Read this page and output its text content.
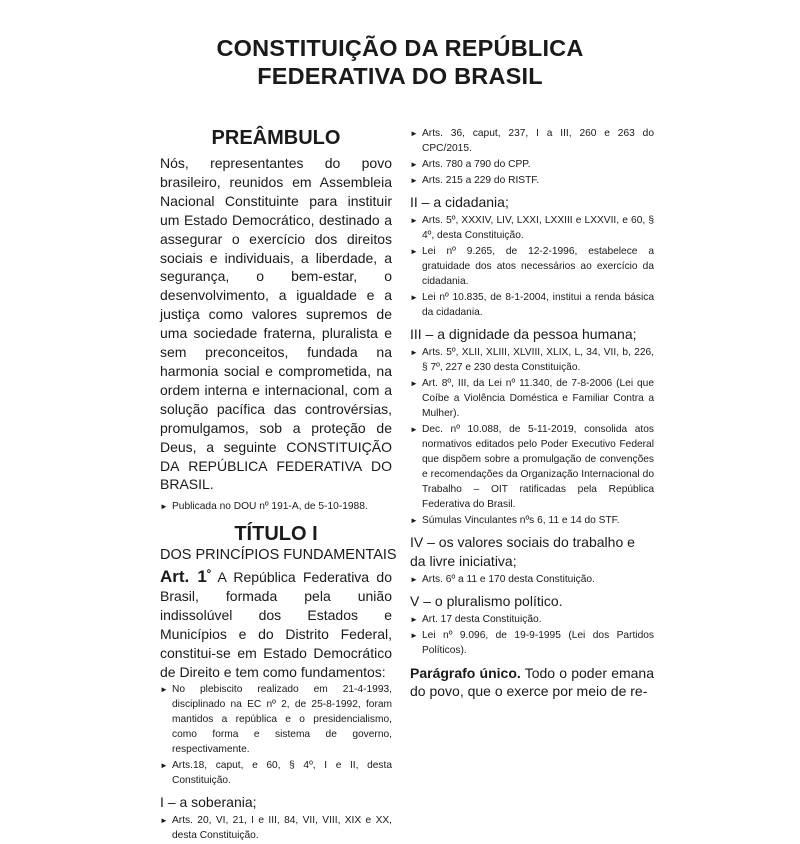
CONSTITUIÇÃO DA REPÚBLICA
FEDERATIVA DO BRASIL
PREÂMBULO

Nós, representantes do povo brasileiro, reunidos em Assembleia Nacional Constituinte para instituir um Estado Democrático, destinado a assegurar o exercício dos direitos sociais e individuais, a liberdade, a segurança, o bem-estar, o desenvolvimento, a igualdade e a justiça como valores supremos de uma sociedade fraterna, pluralista e sem preconceitos, fundada na harmonia social e comprometida, na ordem interna e internacional, com a solução pacífica das controvérsias, promulgamos, sob a proteção de Deus, a seguinte CONSTITUIÇÃO DA REPÚBLICA FEDERATIVA DO BRASIL.

► Publicada no DOU nº 191-A, de 5-10-1988.
TÍTULO I
DOS PRINCÍPIOS FUNDAMENTAIS

Art. $1^º$ A República Federativa do Brasil, formada pela união indissolúvel dos Estados e Municípios e do Distrito Federal, constitui-se em Estado Democrático de Direito e tem como fundamentos:

► No plebiscito realizado em 21-4-1993, disciplinado na EC nº 2, de 25-8-1992, foram mantidos a república e o presidencialismo, como forma e sistema de governo, respectivamente.
► Arts.18, caput, e 60, § 4º, I e II, desta Constituição.
I – a soberania;
► Arts. 20, VI, 21, I e III, 84, VII, VIII, XIX e XX, desta Constituição.
► Arts. 36, caput, 237, I a III, 260 e 263 do CPC/2015.
► Arts. 780 a 790 do CPP.
► Arts. 215 a 229 do RISTF.
II – a cidadania;
► Arts. 5º, XXXIV, LIV, LXXI, LXXIII e LXXVII, e 60, § 4º, desta Constituição.
► Lei nº 9.265, de 12-2-1996, estabelece a gratuidade dos atos necessários ao exercício da cidadania.
► Lei nº 10.835, de 8-1-2004, institui a renda básica da cidadania.
III – a dignidade da pessoa humana;
► Arts. 5º, XLII, XLIII, XLVIII, XLIX, L, 34, VII, b, 226, § 7º, 227 e 230 desta Constituição.
► Art. 8º, III, da Lei nº 11.340, de 7-8-2006 (Lei que Coíbe a Violência Doméstica e Familiar Contra a Mulher).
► Dec. nº 10.088, de 5-11-2019, consolida atos normativos editados pelo Poder Executivo Federal que dispõem sobre a promulgação de convenções e recomendações da Organização Internacional do Trabalho – OIT ratificadas pela República Federativa do Brasil.
► Súmulas Vinculantes nºs 6, 11 e 14 do STF.
IV – os valores sociais do trabalho e da livre iniciativa;
► Arts. 6º a 11 e 170 desta Constituição.
V – o pluralismo político.
► Art. 17 desta Constituição.
► Lei nº 9.096, de 19-9-1995 (Lei dos Partidos Políticos).

Parágrafo único. Todo o poder emana do povo, que o exerce por meio de re-
